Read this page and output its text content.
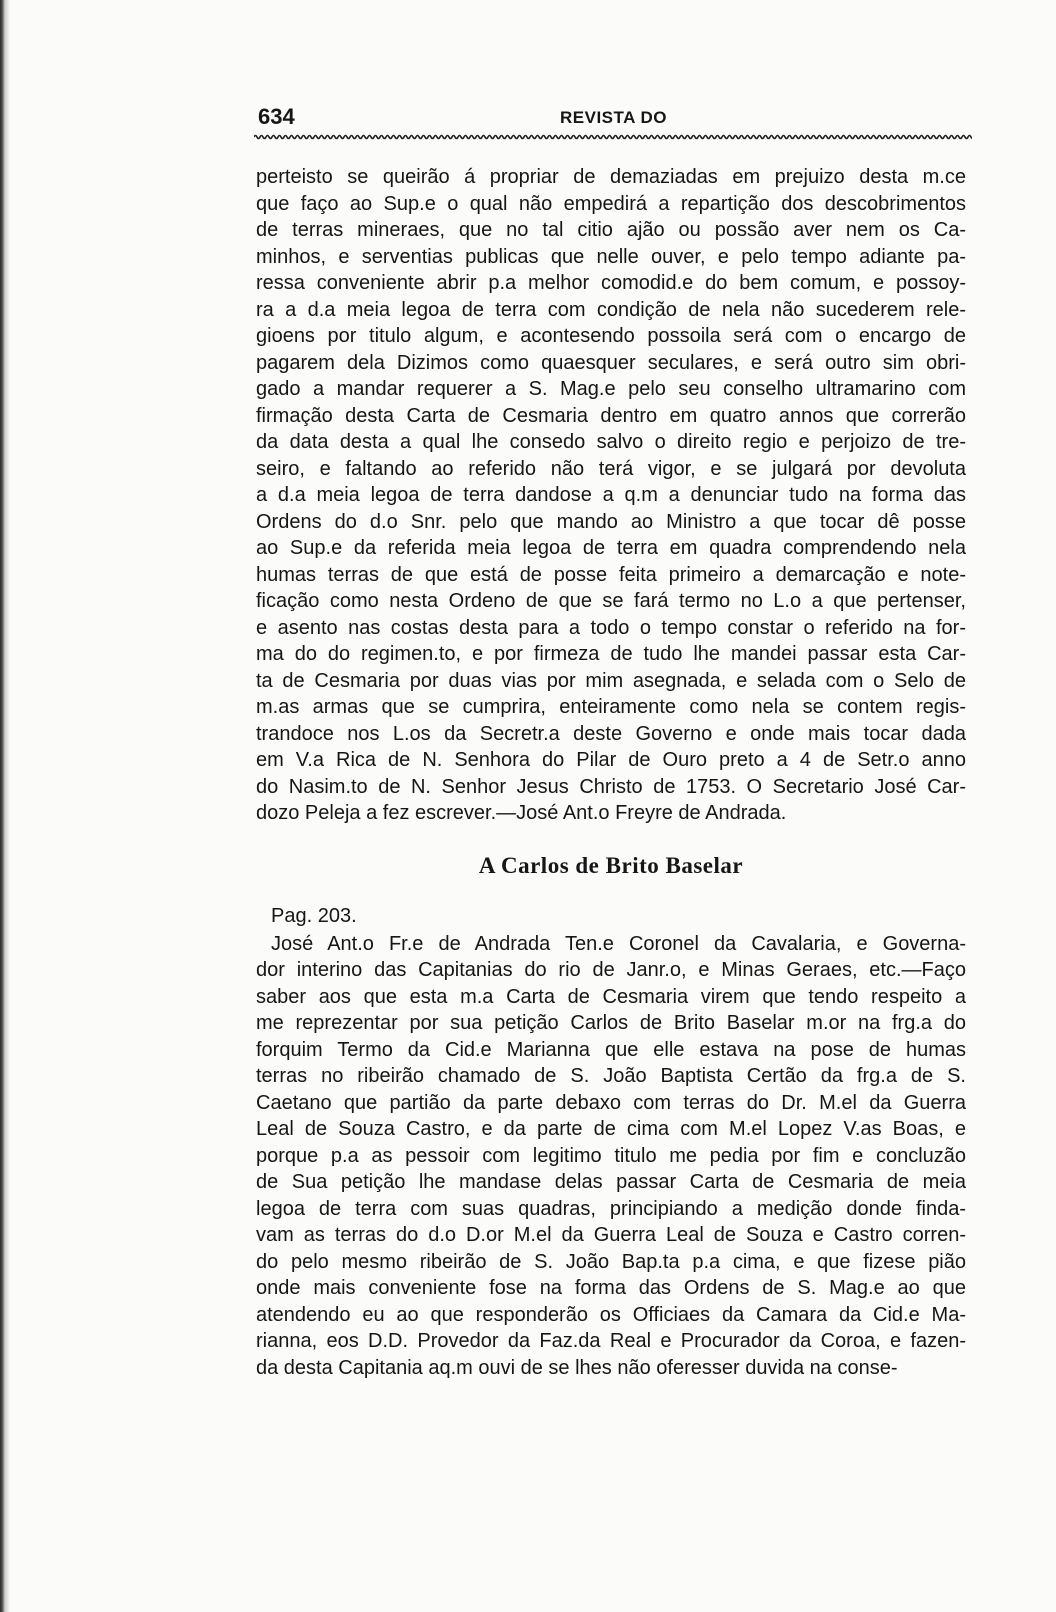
634	REVISTA DO
perteisto se queirão á propriar de demaziadas em prejuizo desta m.ce
que faço ao Sup.e o qual não empedirá a repartição dos descobrimentos
de terras mineraes, que no tal citio ajão ou possão aver nem os Ca-
minhos, e serventias publicas que nelle ouver, e pelo tempo adiante pa-
ressa conveniente abrir p.a melhor comodid.e do bem comum, e possoy-
ra a d.a meia legoa de terra com condição de nela não sucederem rele-
gioens por titulo algum, e acontesendo possoila será com o encargo de
pagarem dela Dizimos como quaesquer seculares, e será outro sim obri-
gado a mandar requerer a S. Mag.e pelo seu conselho ultramarino com
firmação desta Carta de Cesmaria dentro em quatro annos que correrão
da data desta a qual lhe consedo salvo o direito regio e perjoizo de tre-
seiro, e faltando ao referido não terá vigor, e se julgará por devoluta
a d.a meia legoa de terra dandose a q.m a denunciar tudo na forma das
Ordens do d.o Snr. pelo que mando ao Ministro a que tocar dê posse
ao Sup.e da referida meia legoa de terra em quadra comprendendo nela
humas terras de que está de posse feita primeiro a demarcação e note-
ficação como nesta Ordeno de que se fará termo no L.o a que pertenser,
e asento nas costas desta para a todo o tempo constar o referido na for-
ma do do regimen.to, e por firmeza de tudo lhe mandei passar esta Car-
ta de Cesmaria por duas vias por mim asegnada, e selada com o Selo de
m.as armas que se cumprira, enteiramente como nela se contem regis-
trandoce nos L.os da Secretr.a deste Governo e onde mais tocar dada
em V.a Rica de N. Senhora do Pilar de Ouro preto a 4 de Setr.o anno
do Nasim.to de N. Senhor Jesus Christo de 1753. O Secretario José Car-
dozo Peleja a fez escrever.—José Ant.o Freyre de Andrada.
A Carlos de Brito Baselar
Pag. 203.
José Ant.o Fr.e de Andrada Ten.e Coronel da Cavalaria, e Governa-
dor interino das Capitanias do rio de Janr.o, e Minas Geraes, etc.—Faço
saber aos que esta m.a Carta de Cesmaria virem que tendo respeito a
me reprezentar por sua petição Carlos de Brito Baselar m.or na frg.a do
forquim Termo da Cid.e Marianna que elle estava na pose de humas
terras no ribeirão chamado de S. João Baptista Certão da frg.a de S.
Caetano que partião da parte debaxo com terras do Dr. M.el da Guerra
Leal de Souza Castro, e da parte de cima com M.el Lopez V.as Boas, e
porque p.a as pessoir com legitimo titulo me pedia por fim e concluzão
de Sua petição lhe mandase delas passar Carta de Cesmaria de meia
legoa de terra com suas quadras, principiando a medição donde finda-
vam as terras do d.o D.or M.el da Guerra Leal de Souza e Castro corren-
do pelo mesmo ribeirão de S. João Bap.ta p.a cima, e que fizese pião
onde mais conveniente fose na forma das Ordens de S. Mag.e ao que
atendendo eu ao que responderão os Officiaes da Camara da Cid.e Ma-
rianna, eos D.D. Provedor da Faz.da Real e Procurador da Coroa, e fazen-
da desta Capitania aq.m ouvi de se lhes não oferesser duvida na conse-
